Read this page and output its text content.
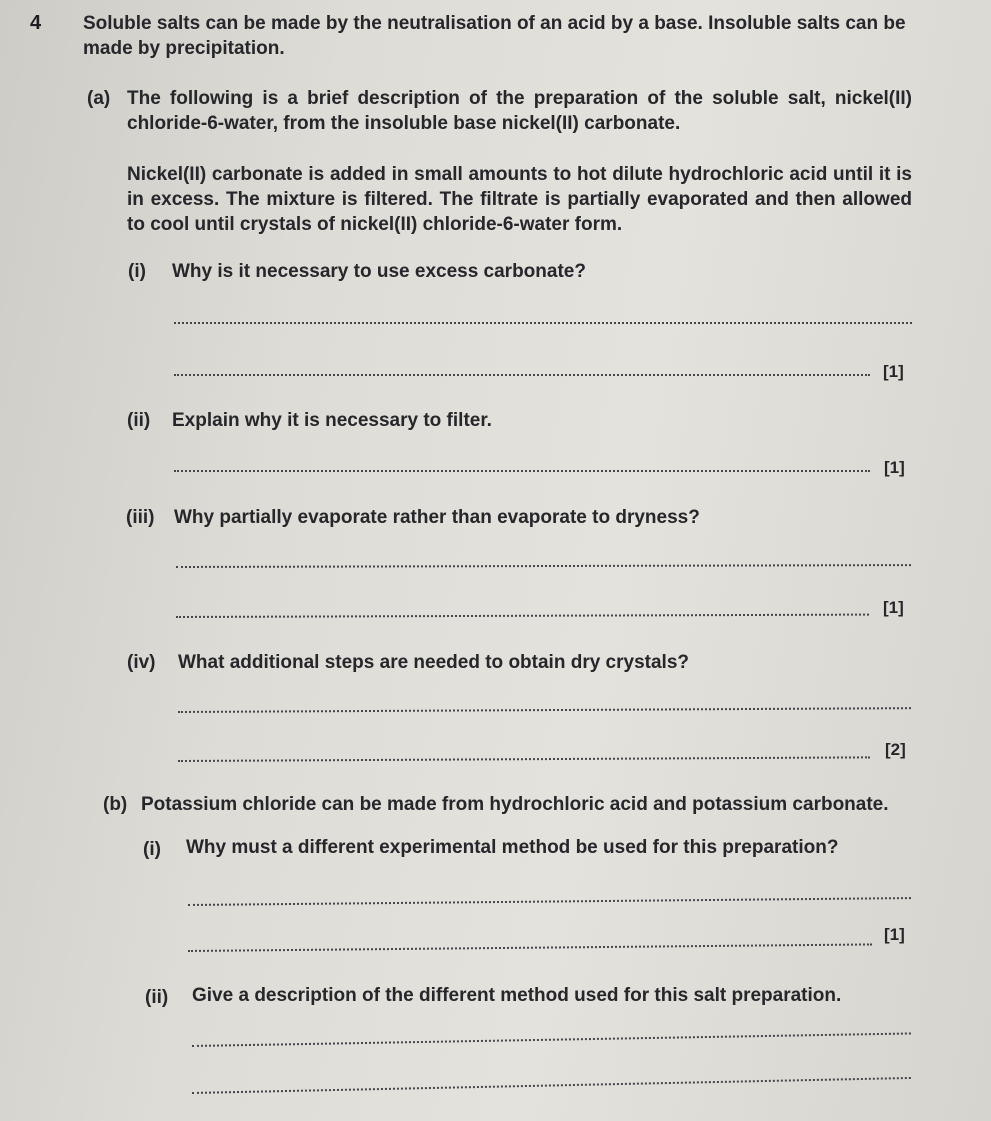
4 Soluble salts can be made by the neutralisation of an acid by a base. Insoluble salts can be made by precipitation.
(a) The following is a brief description of the preparation of the soluble salt, nickel(II) chloride-6-water, from the insoluble base nickel(II) carbonate.
Nickel(II) carbonate is added in small amounts to hot dilute hydrochloric acid until it is in excess. The mixture is filtered. The filtrate is partially evaporated and then allowed to cool until crystals of nickel(II) chloride-6-water form.
(i) Why is it necessary to use excess carbonate?
[1]
(ii) Explain why it is necessary to filter.
[1]
(iii) Why partially evaporate rather than evaporate to dryness?
[1]
(iv) What additional steps are needed to obtain dry crystals?
[2]
(b) Potassium chloride can be made from hydrochloric acid and potassium carbonate.
(i) Why must a different experimental method be used for this preparation?
[1]
(ii) Give a description of the different method used for this salt preparation.
